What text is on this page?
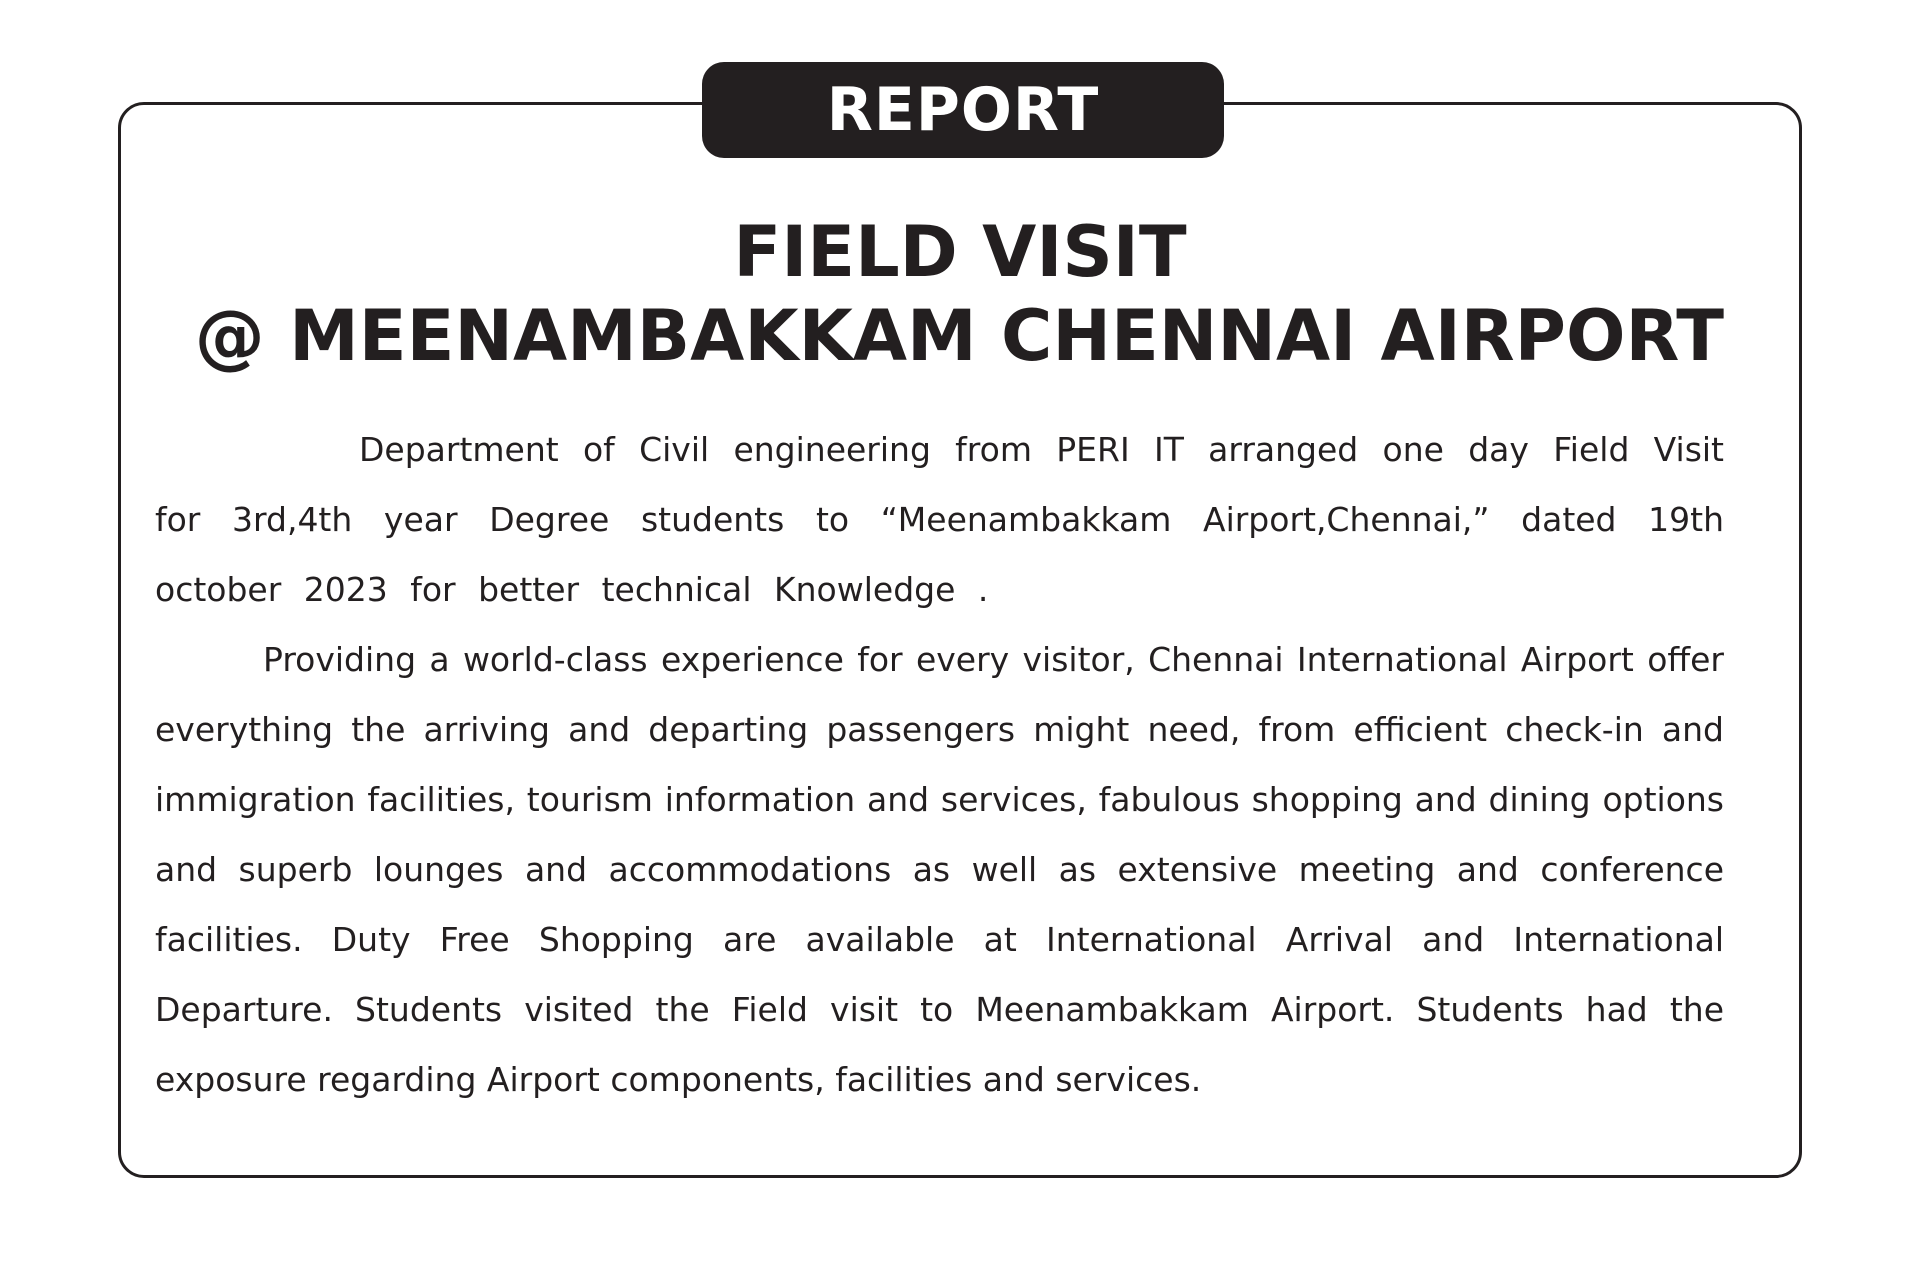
REPORT
FIELD VISIT
@ MEENAMBAKKAM CHENNAI AIRPORT

Department of Civil engineering from PERI IT arranged one day Field Visit for 3rd,4th year Degree students to “Meenambakkam Airport,Chennai,” dated 19th october 2023 for better technical Knowledge .

Providing a world-class experience for every visitor, Chennai International Airport offer everything the arriving and departing passengers might need, from efficient check-in and immigration facilities, tourism information and services, fabulous shopping and dining options and superb lounges and accommodations as well as extensive meeting and conference facilities. Duty Free Shopping are available at International Arrival and International Departure. Students visited the Field visit to Meenambakkam Airport. Students had the exposure regarding Airport components, facilities and services.
